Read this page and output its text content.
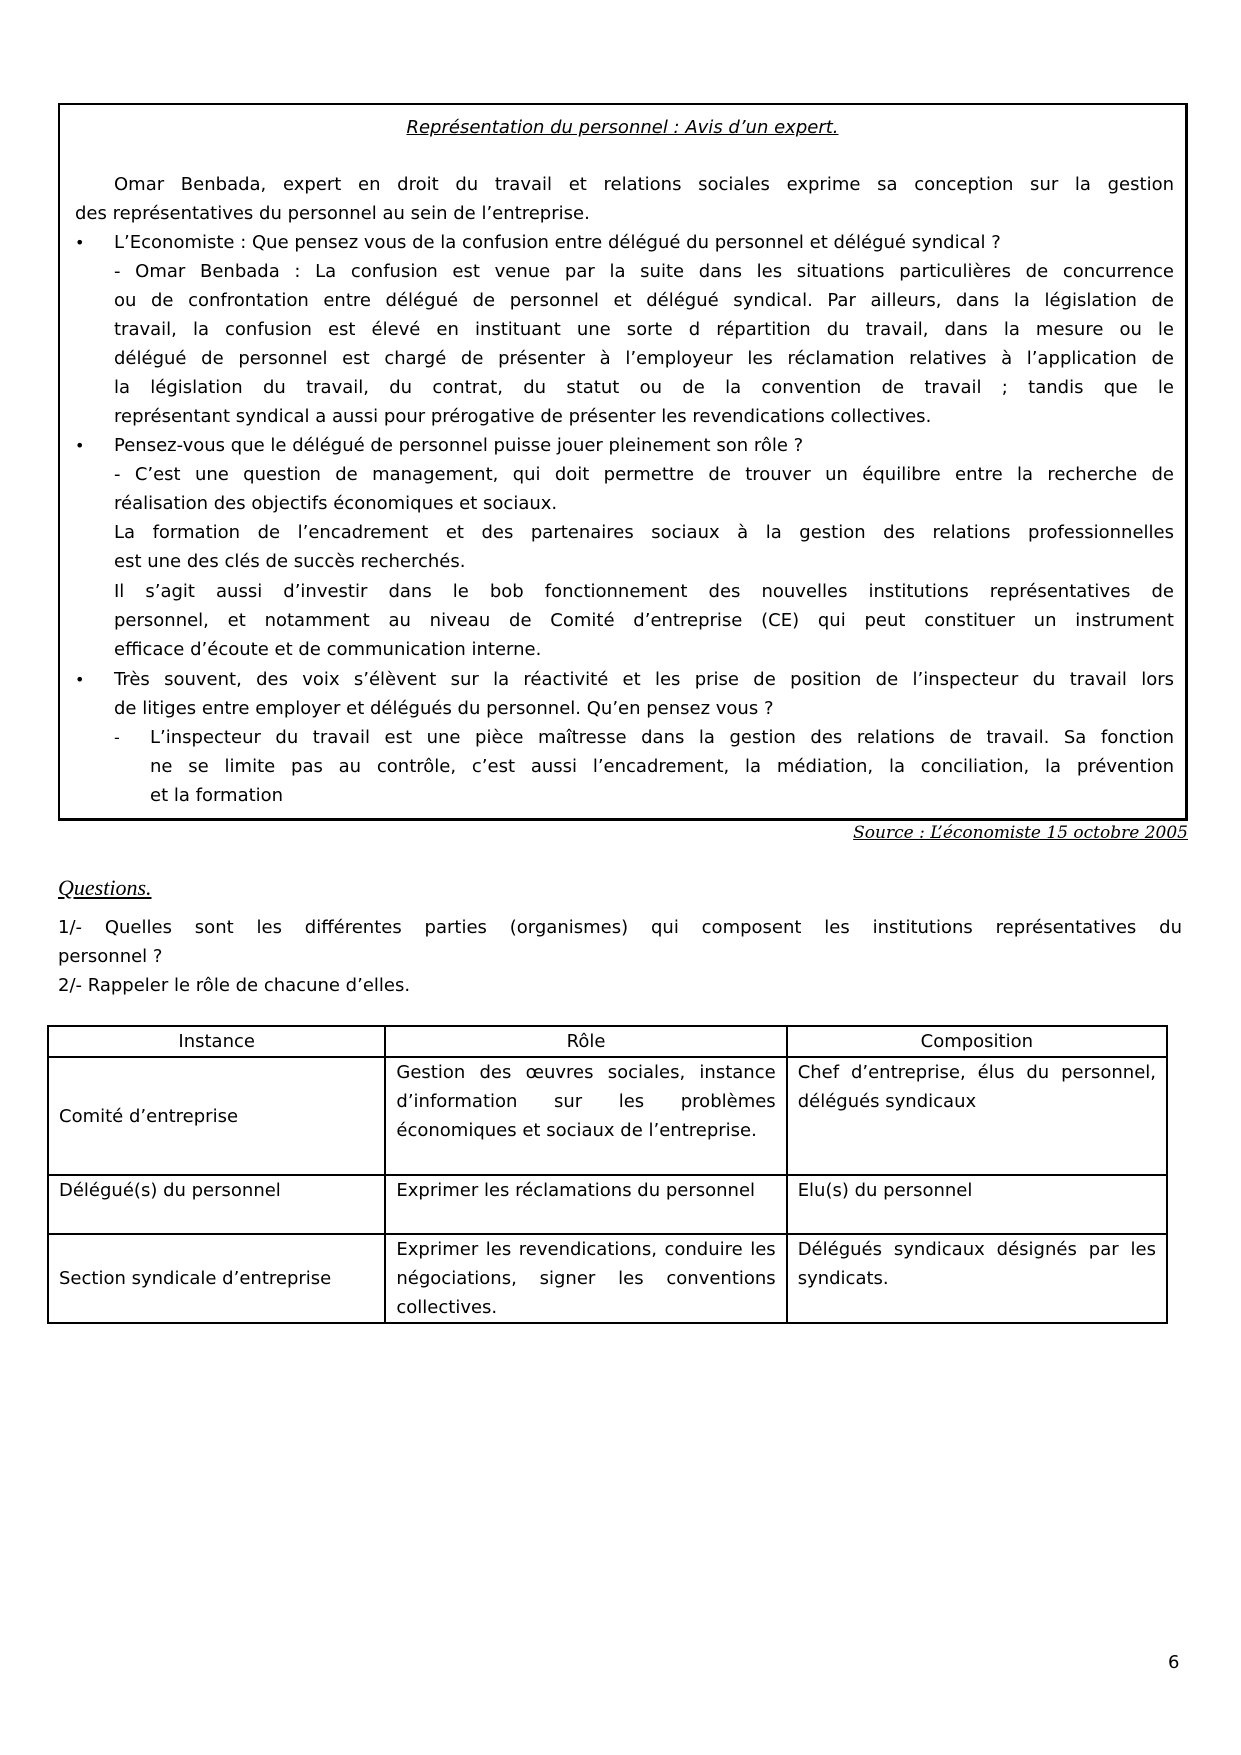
Représentation du personnel : Avis d’un expert.
Omar Benbada, expert en droit du travail et relations sociales exprime sa conception sur la gestion
des représentatives du personnel au sein de l’entreprise.
• L’Economiste : Que pensez vous de la confusion entre délégué du personnel et délégué syndical ?
- Omar Benbada : La confusion est venue par la suite dans les situations particulières de concurrence
ou de confrontation entre délégué de personnel et délégué syndical. Par ailleurs, dans la législation de
travail, la confusion est élevé en instituant une sorte d répartition du travail, dans la mesure ou le
délégué de personnel est chargé de présenter à l’employeur les réclamation relatives à l’application de
la législation du travail, du contrat, du statut ou de la convention de travail ; tandis que le
représentant syndical a aussi pour prérogative de présenter les revendications collectives.
• Pensez-vous que le délégué de personnel puisse jouer pleinement son rôle ?
- C’est une question de management, qui doit permettre de trouver un équilibre entre la recherche de
réalisation des objectifs économiques et sociaux.
La formation de l’encadrement et des partenaires sociaux à la gestion des relations professionnelles
est une des clés de succès recherchés.
Il s’agit aussi d’investir dans le bob fonctionnement des nouvelles institutions représentatives de
personnel, et notamment au niveau de Comité d’entreprise (CE) qui peut constituer un instrument
efficace d’écoute et de communication interne.
• Très souvent, des voix s’élèvent sur la réactivité et les prise de position de l’inspecteur du travail lors
de litiges entre employer et délégués du personnel. Qu’en pensez vous ?
- L’inspecteur du travail est une pièce maîtresse dans la gestion des relations de travail. Sa fonction
ne se limite pas au contrôle, c’est aussi l’encadrement, la médiation, la conciliation, la prévention
et la formation
Source : L’économiste 15 octobre 2005
Questions.
1/- Quelles sont les différentes parties (organismes) qui composent les institutions représentatives du
personnel ?
2/- Rappeler le rôle de chacune d’elles.
Instance	Rôle	Composition
Comité d’entreprise	Gestion des œuvres sociales, instance d’information sur les problèmes économiques et sociaux de l’entreprise.	Chef d’entreprise, élus du personnel, délégués syndicaux
Délégué(s) du personnel	Exprimer les réclamations du personnel	Elu(s) du personnel
Section syndicale d’entreprise	Exprimer les revendications, conduire les négociations, signer les conventions collectives.	Délégués syndicaux désignés par les syndicats.
6
